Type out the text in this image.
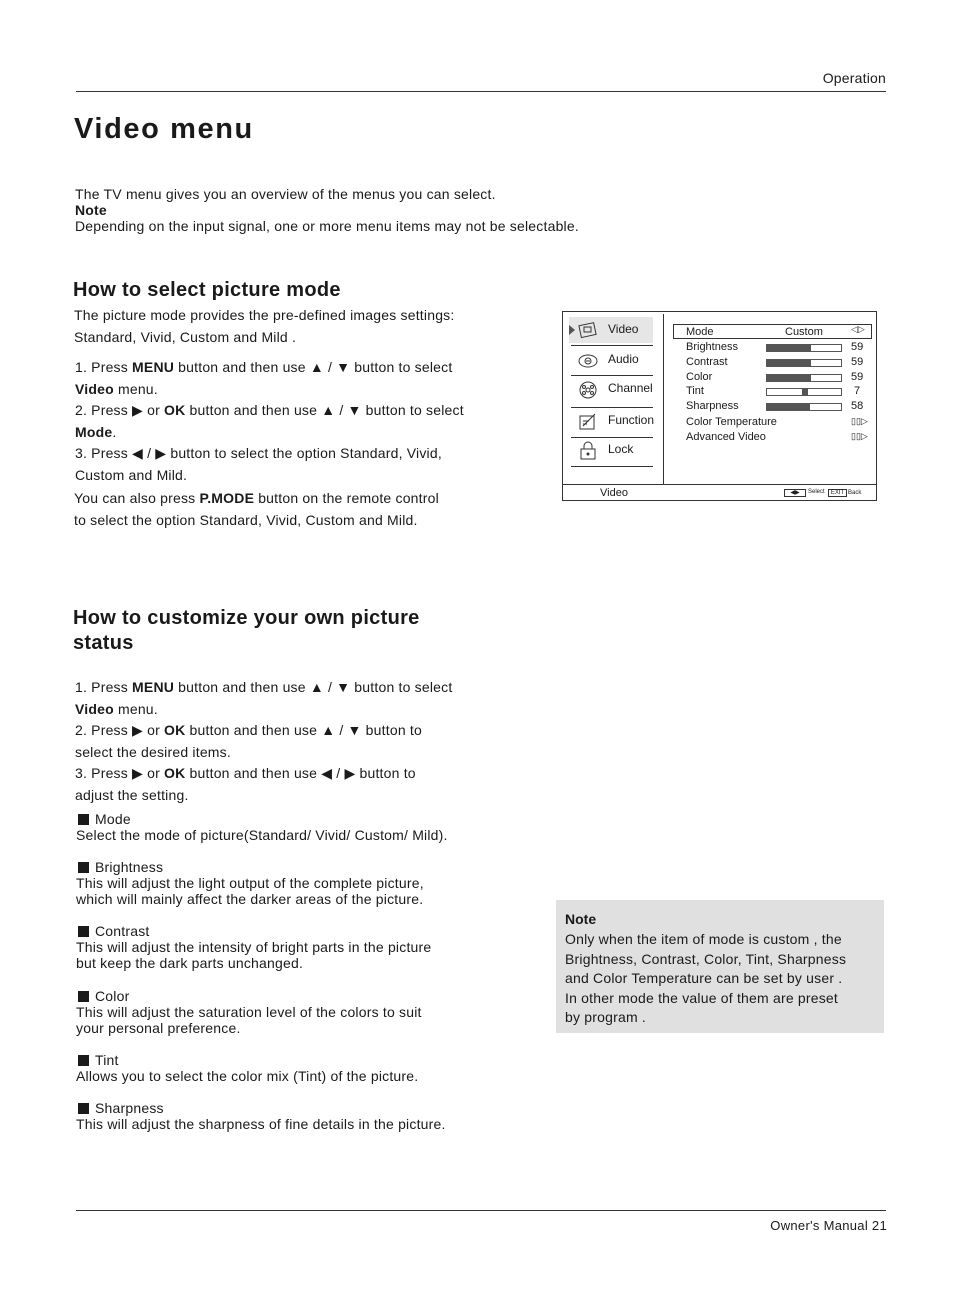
Operation
Video menu
The TV menu gives you an overview of the menus you can select.
Note
Depending on the input signal, one or more menu items may not be selectable.
How to select picture mode
The picture mode provides the pre-defined images settings:
Standard, Vivid, Custom and Mild .
1. Press MENU button and then use ▲ / ▼ button to select
Video menu.
2. Press ▶ or OK button and then use ▲ / ▼ button to select
Mode.
3. Press ◀ / ▶ button to select the option Standard, Vivid,
Custom and Mild.
You can also press P.MODE button on the remote control
to select the option Standard, Vivid, Custom and Mild.
Video
Audio
Channel
Function
Lock
Mode	Custom	◁▷
Brightness	59
Contrast	59
Color	59
Tint	7
Sharpness	58
Color Temperature	▯▯▷
Advanced Video	▯▯▷
Video	◀▶	Select	EXIT Back
How to customize your own picture
status
1. Press MENU button and then use ▲ / ▼ button to select
Video menu.
2. Press ▶ or OK button and then use ▲ / ▼ button to
select the desired items.
3. Press ▶ or OK button and then use ◀ / ▶ button to
adjust the setting.
Mode
Select the mode of picture(Standard/ Vivid/ Custom/ Mild).
Brightness
This will adjust the light output of the complete picture,
which will mainly affect the darker areas of the picture.
Contrast
This will adjust the intensity of bright parts in the picture
but keep the dark parts unchanged.
Color
This will adjust the saturation level of the colors to suit
your personal preference.
Tint
Allows you to select the color mix (Tint) of the picture.
Sharpness
This will adjust the sharpness of fine details in the picture.
Note
Only when the item of mode is custom , the
Brightness, Contrast, Color, Tint, Sharpness
and Color Temperature can be set by user .
In other mode the value of them are preset
by program .
Owner's Manual 21
